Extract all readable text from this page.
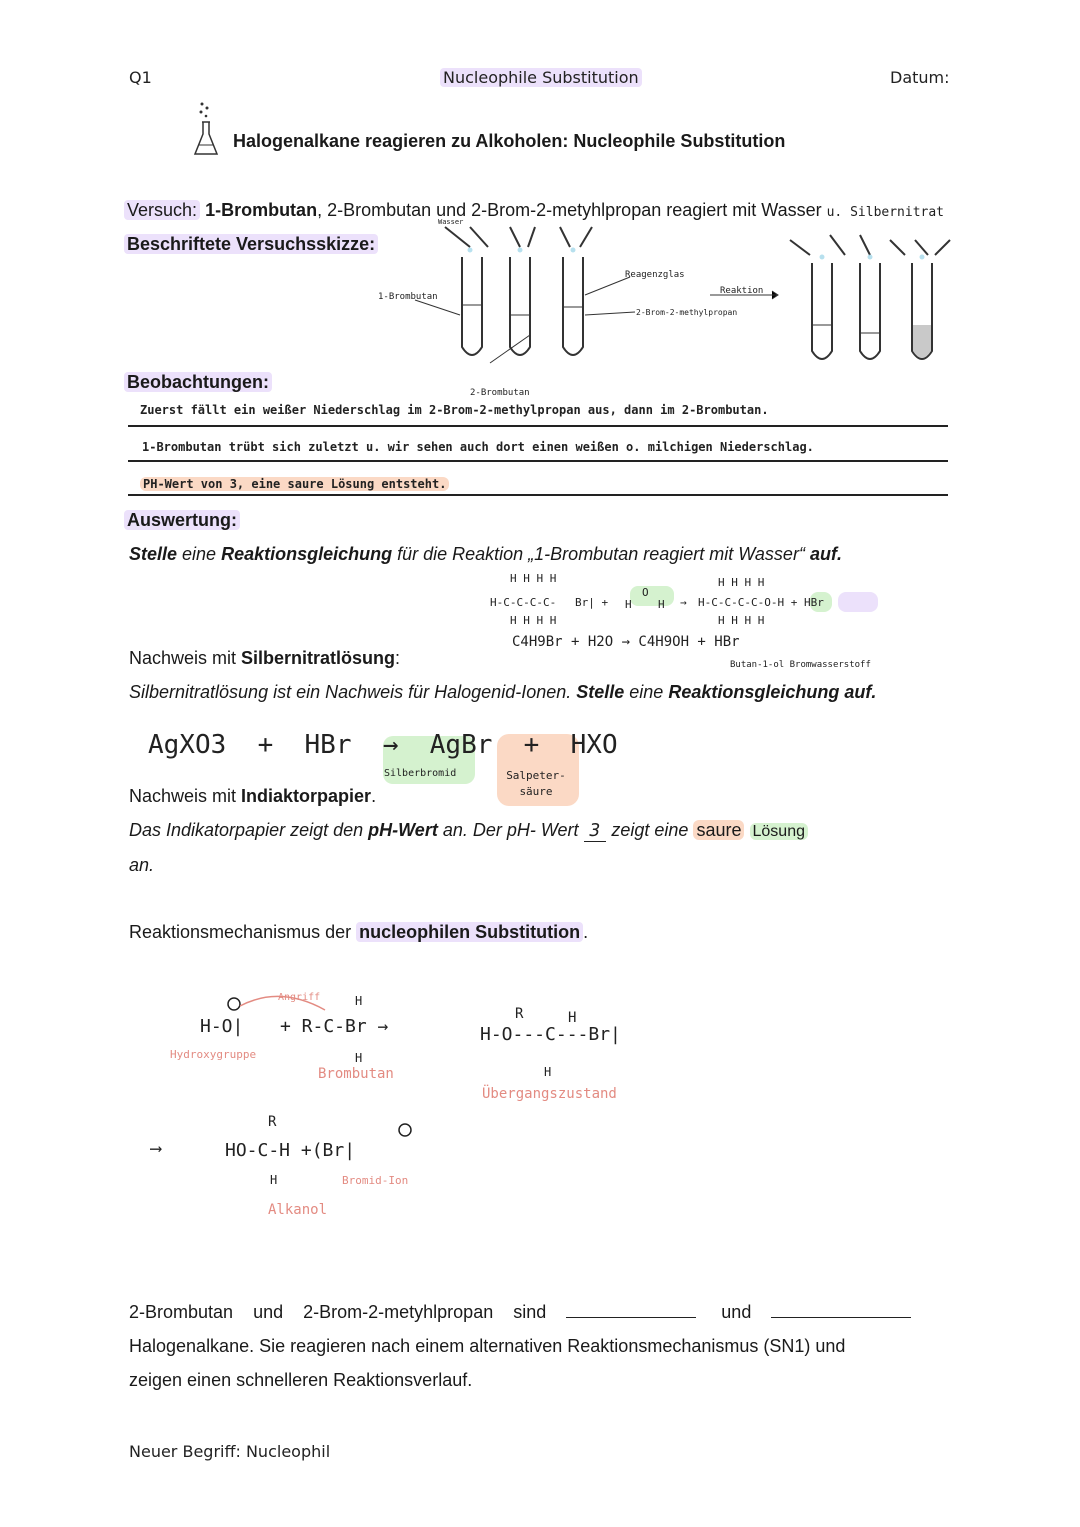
Q1	Nucleophile Substitution	Datum:
Halogenalkane reagieren zu Alkoholen: Nucleophile Substitution
Versuch: 1-Brombutan, 2-Brombutan und 2-Brom-2-metyhlpropan reagiert mit Wasser u. Silbernitrat
Beschriftete Versuchsskizze:
1-Brombutan
Reagenzglas
2-Brom-2-methylpropan
Reaktion
2-Brombutan
Wasser
Beobachtungen:
Zuerst fällt ein weißer Niederschlag im 2-Brom-2-methylpropan aus, dann im 2-Brombutan.
1-Brombutan trübt sich zuletzt u. wir sehen auch dort einen weißen o. milchigen Niederschlag.
PH-Wert von 3, eine saure Lösung entsteht.
Auswertung:
Stelle eine Reaktionsgleichung für die Reaktion „1-Brombutan reagiert mit Wasser“ auf.
H-C-C-C-C- Br| + H
O
H → H-C-C-C-C-O-H + HBr
H H H H
H H H H
H H H H
H H H H
C4H9Br + H2O → C4H9OH + HBr
Butan-1-ol Bromwasserstoff
Nachweis mit Silbernitratlösung:
Silbernitratlösung ist ein Nachweis für Halogenid-Ionen. Stelle eine Reaktionsgleichung auf.
AgXO3  +  HBr  →  AgBr  +  HXO
Silberbromid	Salpeter-säure
Nachweis mit Indiaktorpapier.
Das Indikatorpapier zeigt den pH-Wert an. Der pH- Wert 3 zeigt eine saure Lösung
an.
Reaktionsmechanismus der nucleophilen Substitution .
H-O| + R-C-Br →	H-O---C---Br|
H
H
R	H
H
⟶	HO-C-H +(Br|
R
H
Angriff
Hydroxygruppe
Brombutan
Übergangszustand
Bromid-Ion
Alkanol
2-Brombutan und 2-Brom-2-metyhlpropan sind	und
Halogenalkane. Sie reagieren nach einem alternativen Reaktionsmechanismus (SN1) und
zeigen einen schnelleren Reaktionsverlauf.
Neuer Begriff: Nucleophil
